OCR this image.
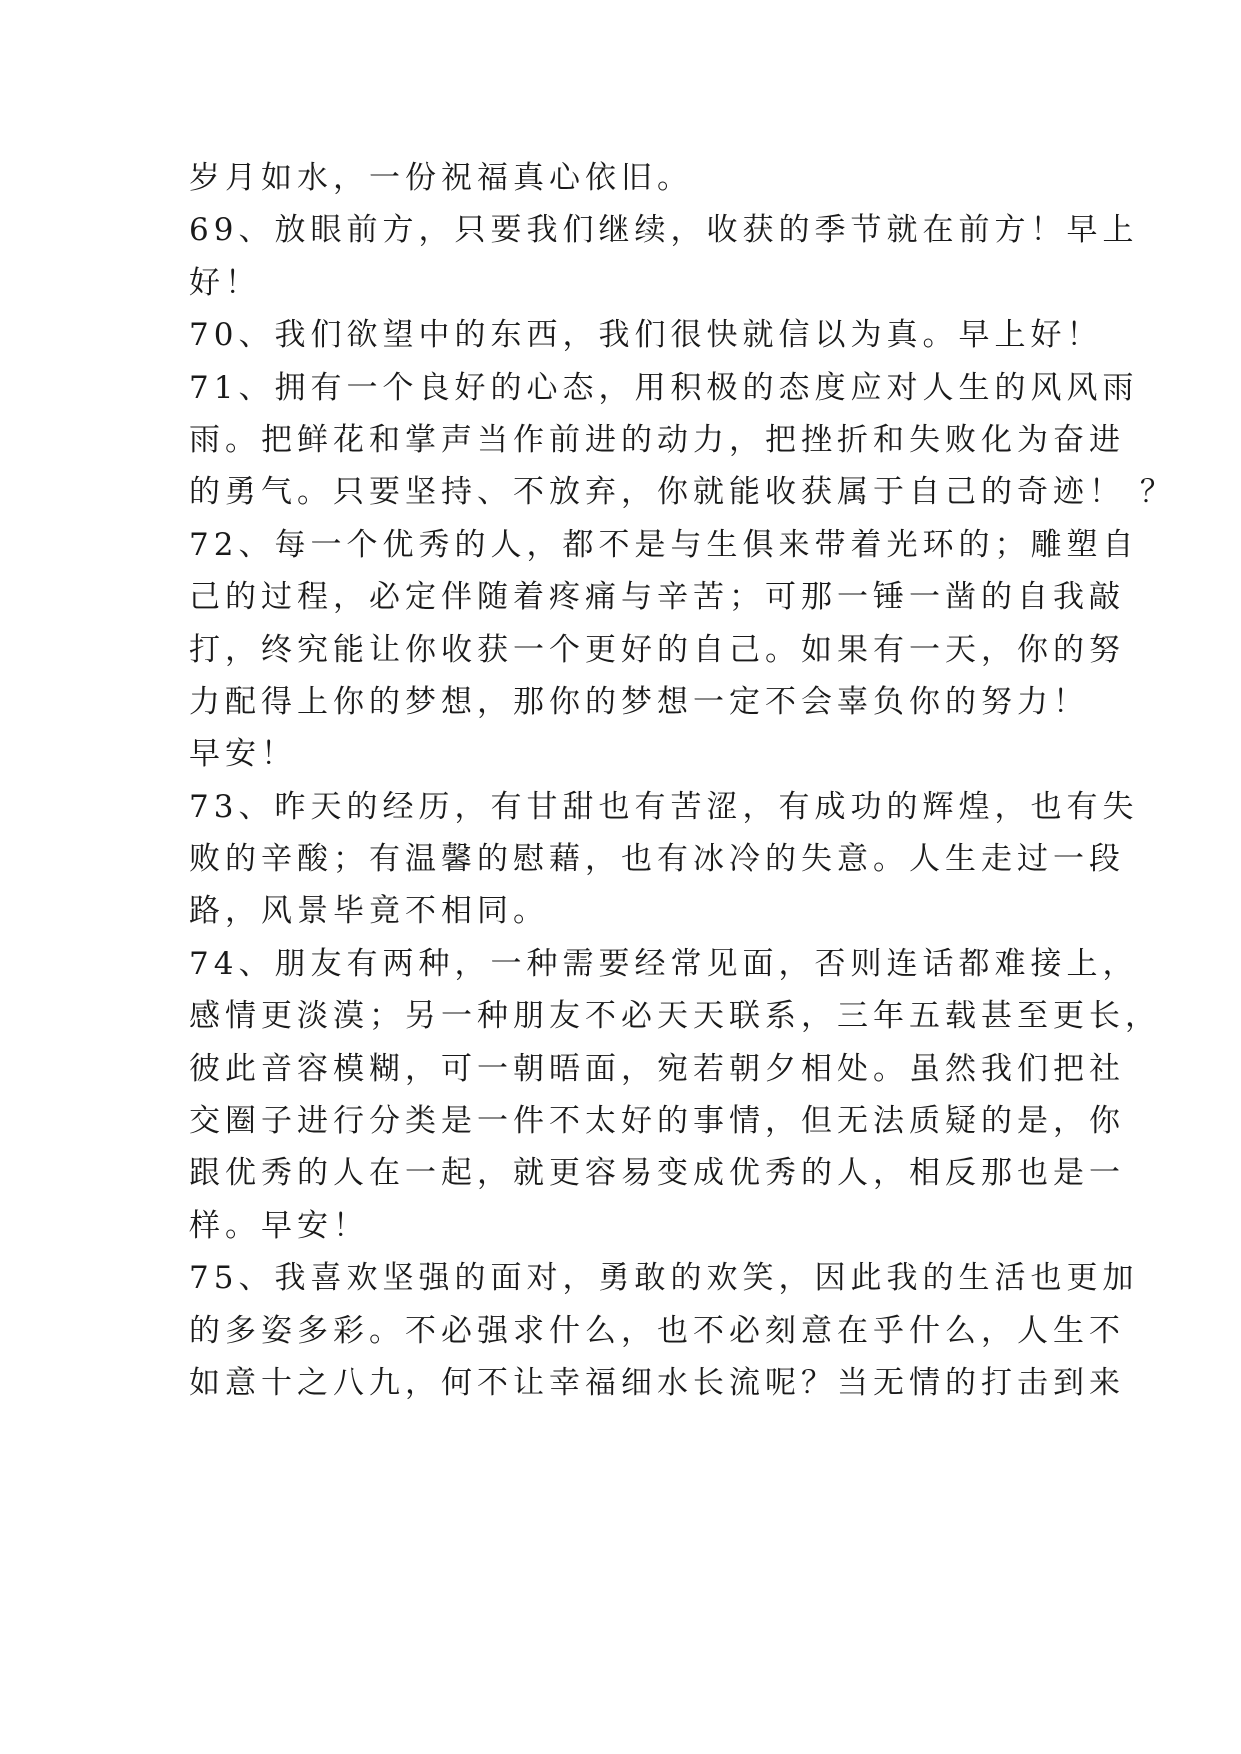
岁月如水，一份祝福真心依旧。
69、放眼前方，只要我们继续，收获的季节就在前方！早上
好！
70、我们欲望中的东西，我们很快就信以为真。早上好！
71、拥有一个良好的心态，用积极的态度应对人生的风风雨
雨。把鲜花和掌声当作前进的动力，把挫折和失败化为奋进
的勇气。只要坚持、不放弃，你就能收获属于自己的奇迹！ ？
72、每一个优秀的人，都不是与生俱来带着光环的；雕塑自
己的过程，必定伴随着疼痛与辛苦；可那一锤一凿的自我敲
打，终究能让你收获一个更好的自己。如果有一天，你的努
力配得上你的梦想，那你的梦想一定不会辜负你的努力！
早安！
73、昨天的经历，有甘甜也有苦涩，有成功的辉煌，也有失
败的辛酸；有温馨的慰藉，也有冰冷的失意。人生走过一段
路，风景毕竟不相同。
74、朋友有两种，一种需要经常见面，否则连话都难接上，
感情更淡漠；另一种朋友不必天天联系，三年五载甚至更长，
彼此音容模糊，可一朝晤面，宛若朝夕相处。虽然我们把社
交圈子进行分类是一件不太好的事情，但无法质疑的是，你
跟优秀的人在一起，就更容易变成优秀的人，相反那也是一
样。早安！
75、我喜欢坚强的面对，勇敢的欢笑，因此我的生活也更加
的多姿多彩。不必强求什么，也不必刻意在乎什么，人生不
如意十之八九，何不让幸福细水长流呢？当无情的打击到来
